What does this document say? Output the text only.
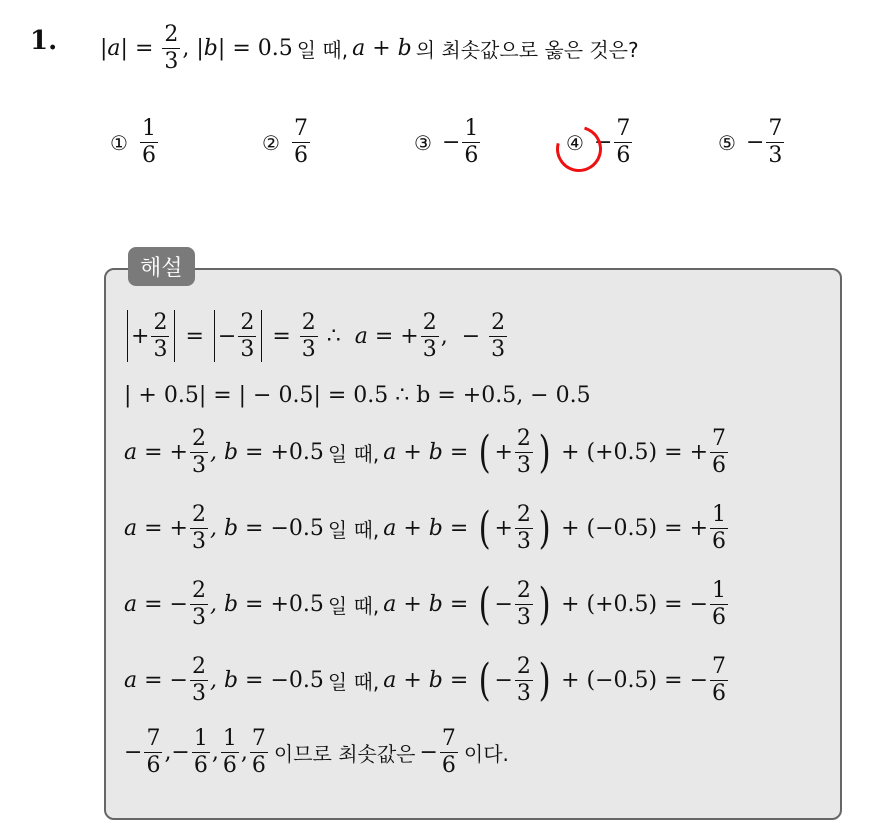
1. |a|
=
$\frac{2}{3}$ ,
|b|
=
0.5 일 때, a + b 의 최솟값으로 옳은 것은?
① $\frac{1}{6}$	② $\frac{7}{6}$	③ − $\frac{1}{6}$	④ − $\frac{7}{6}$	⑤ − $\frac{7}{3}$
해설
+ $\frac{2}{3}$
=
− $\frac{2}{3}$
=
$\frac{2}{3}$
∴
a = + $\frac{2}{3}$ ,
−
$\frac{2}{3}$
| + 0.5| = | − 0.5| = 0.5 ∴ b = +0.5, − 0.5
a =
+ $\frac{2}{3}$ , b =
+0.5 일 때, a + b =
( + $\frac{2}{3}$ )
+
(+0.5)
=
+ $\frac{7}{6}$
a =
+ $\frac{2}{3}$ , b =
−0.5 일 때, a + b =
( + $\frac{2}{3}$ )
+
(−0.5)
=
+ $\frac{1}{6}$
a =
− $\frac{2}{3}$ , b =
+0.5 일 때, a + b =
( − $\frac{2}{3}$ )
+
(+0.5)
=
− $\frac{1}{6}$
a =
− $\frac{2}{3}$ , b =
−0.5 일 때, a + b =
( − $\frac{2}{3}$ )
+
(−0.5)
=
− $\frac{7}{6}$
− $\frac{7}{6}$ ,− $\frac{1}{6}$ , $\frac{1}{6}$ , $\frac{7}{6}$ 이므로 최솟값은 − $\frac{7}{6}$ 이다.
